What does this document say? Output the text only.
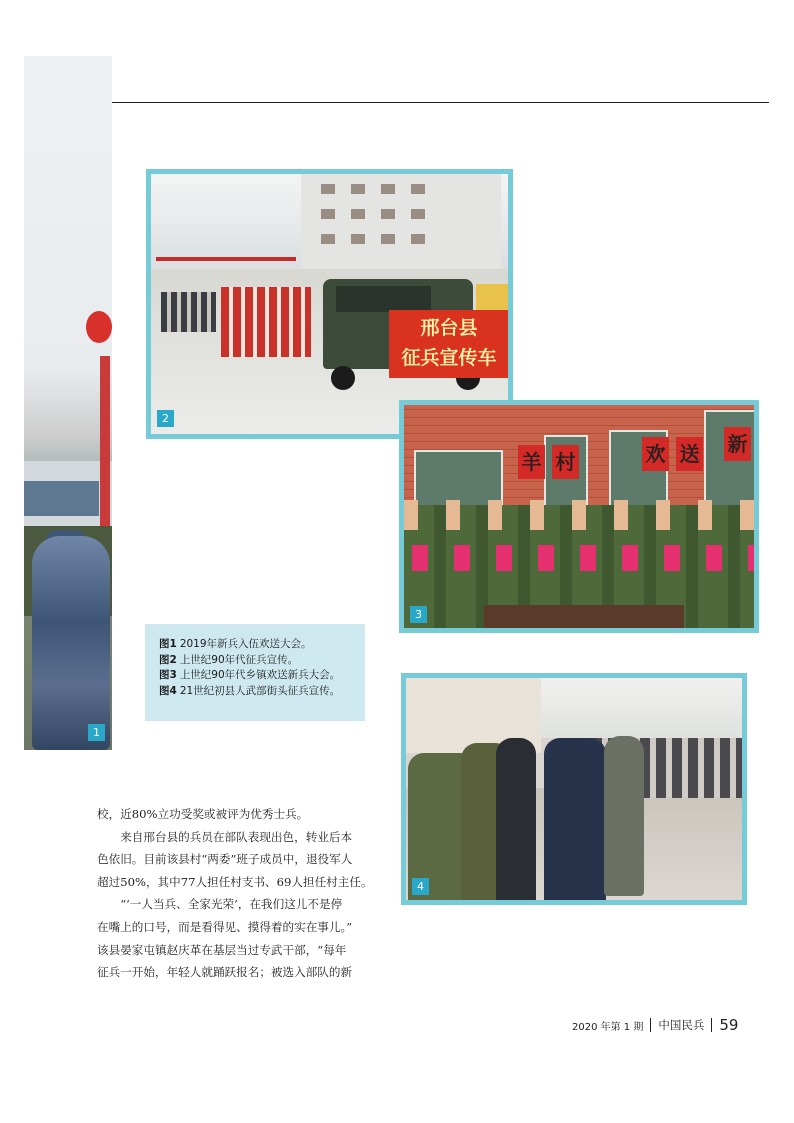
1
邢台县
征兵宣传车
2
羊 村	欢 送 新
3
图1 2019年新兵入伍欢送大会。
图2 上世纪90年代征兵宣传。
图3 上世纪90年代乡镇欢送新兵大会。
图4 21世纪初县人武部街头征兵宣传。
4

校，近80%立功受奖或被评为优秀士兵。

来自邢台县的兵员在部队表现出色，转业后本
色依旧。目前该县村“两委”班子成员中，退役军人
超过50%，其中77人担任村支书、69人担任村主任。

“‘一人当兵、全家光荣’，在我们这儿不是停
在嘴上的口号，而是看得见、摸得着的实在事儿。”
该县晏家屯镇赵庆革在基层当过专武干部，“每年
征兵一开始，年轻人就踊跃报名；被选入部队的新

2020 年第 1 期 中国民兵 59
